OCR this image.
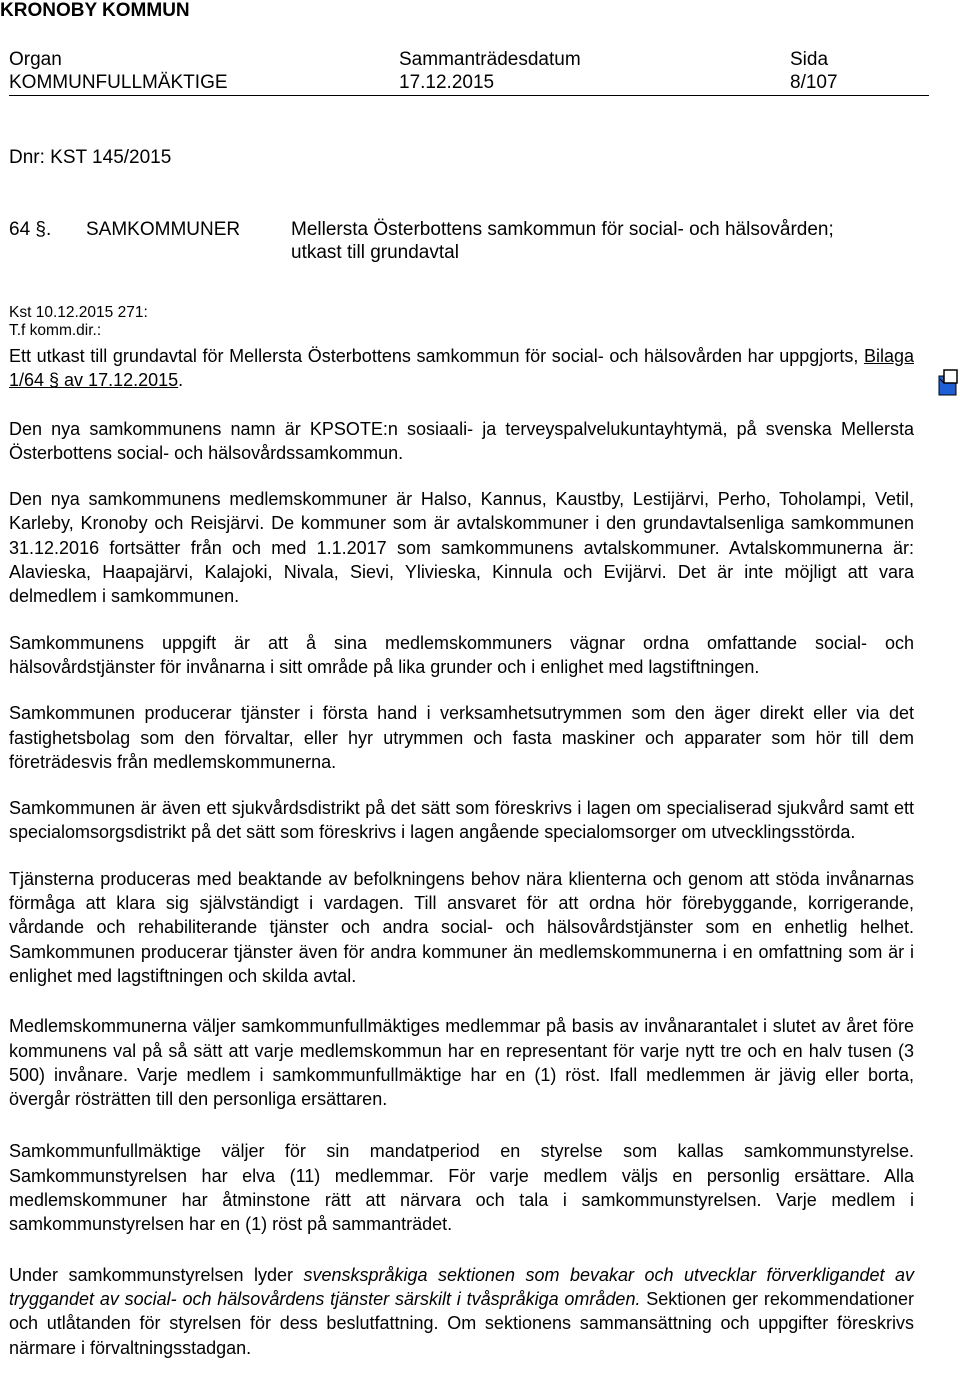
KRONOBY KOMMUN
Organ
KOMMUNFULLMÄKTIGE
Sammanträdesdatum
17.12.2015
Sida
8/107
Dnr: KST 145/2015
64 §. SAMKOMMUNER	Mellersta Österbottens samkommun för social- och hälsovården;
utkast till grundavtal
Kst 10.12.2015 271:
T.f komm.dir.:

Ett utkast till grundavtal för Mellersta Österbottens samkommun för social- och hälsovården har uppgjorts, Bilaga 1/64 § av 17.12.2015.

Den nya samkommunens namn är KPSOTE:n sosiaali- ja terveyspalvelukuntayhtymä, på svenska Mellersta Österbottens social- och hälsovårdssamkommun.

Den nya samkommunens medlemskommuner är Halso, Kannus, Kaustby, Lestijärvi, Perho, Toholampi, Vetil, Karleby, Kronoby och Reisjärvi. De kommuner som är avtalskommuner i den grundavtalsenliga samkommunen 31.12.2016 fortsätter från och med 1.1.2017 som samkommunens avtalskommuner. Avtalskommunerna är: Alavieska, Haapajärvi, Kalajoki, Nivala, Sievi, Ylivieska, Kinnula och Evijärvi. Det är inte möjligt att vara delmedlem i samkommunen.

Samkommunens uppgift är att å sina medlemskommuners vägnar ordna omfattande social- och hälsovårdstjänster för invånarna i sitt område på lika grunder och i enlighet med lagstiftningen.

Samkommunen producerar tjänster i första hand i verksamhetsutrymmen som den äger direkt eller via det fastighetsbolag som den förvaltar, eller hyr utrymmen och fasta maskiner och apparater som hör till dem företrädesvis från medlemskommunerna.

Samkommunen är även ett sjukvårdsdistrikt på det sätt som föreskrivs i lagen om specialiserad sjukvård samt ett specialomsorgsdistrikt på det sätt som föreskrivs i lagen angående specialomsorger om utvecklingsstörda.

Tjänsterna produceras med beaktande av befolkningens behov nära klienterna och genom att stöda invånarnas förmåga att klara sig självständigt i vardagen. Till ansvaret för att ordna hör förebyggande, korrigerande, vårdande och rehabiliterande tjänster och andra social- och hälsovårdstjänster som en enhetlig helhet. Samkommunen producerar tjänster även för andra kommuner än medlemskommunerna i en omfattning som är i enlighet med lagstiftningen och skilda avtal.

Medlemskommunerna väljer samkommunfullmäktiges medlemmar på basis av invånarantalet i slutet av året före kommunens val på så sätt att varje medlemskommun har en representant för varje nytt tre och en halv tusen (3 500) invånare. Varje medlem i samkommunfullmäktige har en (1) röst. Ifall medlemmen är jävig eller borta, övergår rösträtten till den personliga ersättaren.

Samkommunfullmäktige väljer för sin mandatperiod en styrelse som kallas samkommunstyrelse. Samkommunstyrelsen har elva (11) medlemmar. För varje medlem väljs en personlig ersättare. Alla medlemskommuner har åtminstone rätt att närvara och tala i samkommunstyrelsen. Varje medlem i samkommunstyrelsen har en (1) röst på sammanträdet.

Under samkommunstyrelsen lyder svenskspråkiga sektionen som bevakar och utvecklar förverkligandet av tryggandet av social- och hälsovårdens tjänster särskilt i tvåspråkiga områden. Sektionen ger rekommendationer och utlåtanden för styrelsen för dess beslutfattning. Om sektionens sammansättning och uppgifter föreskrivs närmare i förvaltningsstadgan.
